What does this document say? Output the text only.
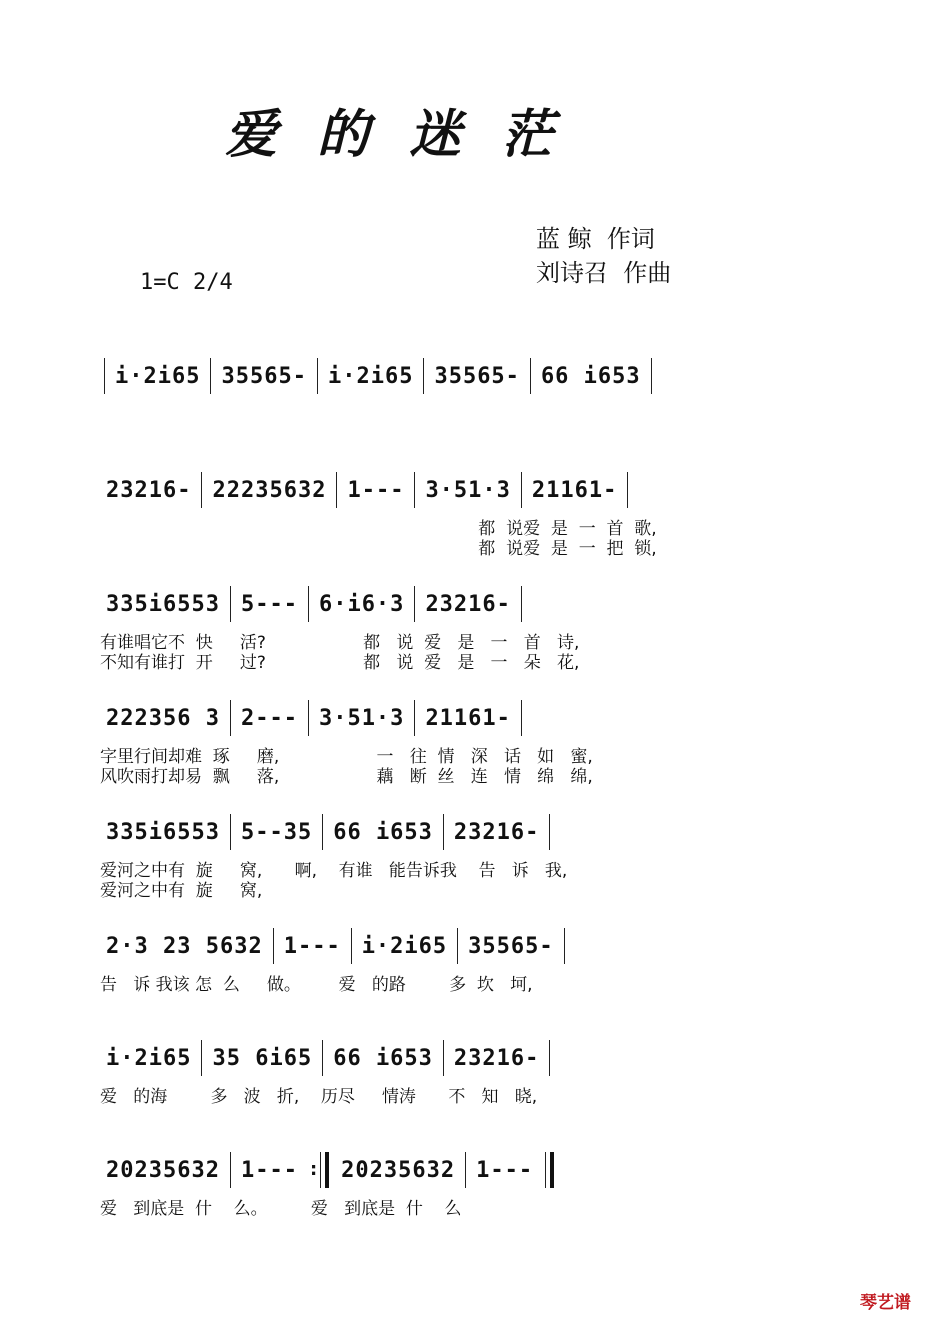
爱的迷茫
蓝 鲸  作词
刘诗召  作曲
1=C 2/4
i·2i65 35565- i·2i65 35565- 66 i653
23216- 22235632 1--- 3·51·3 21161-
都  说爱  是  一  首  歌,
都  说爱  是  一  把  锁,
335i6553 5--- 6·i6·3 23216-
有谁唱它不  快     活?                  都   说  爱   是   一   首   诗,
不知有谁打  开     过?                  都   说  爱   是   一   朵   花,
222356 3 2--- 3·51·3 21161-
字里行间却难  琢     磨,                  一   往  情   深   话   如   蜜,
风吹雨打却易  飘     落,                  藕   断  丝   连   情   绵   绵,
335i6553 5--35 66 i653 23216-
爱河之中有  旋     窝,      啊,    有谁   能告诉我    告   诉   我,
爱河之中有  旋     窝,
2·3 23 5632 1--- i·2i65 35565-
告   诉 我该 怎  么     做。       爱   的路        多  坎   坷,
i·2i65 35 6i65 66 i653 23216-
爱   的海        多   波   折,    历尽     情涛      不   知   晓,
20235632 1--- : 20235632 1---
爱   到底是  什    么。        爱   到底是  什    么
琴艺谱
